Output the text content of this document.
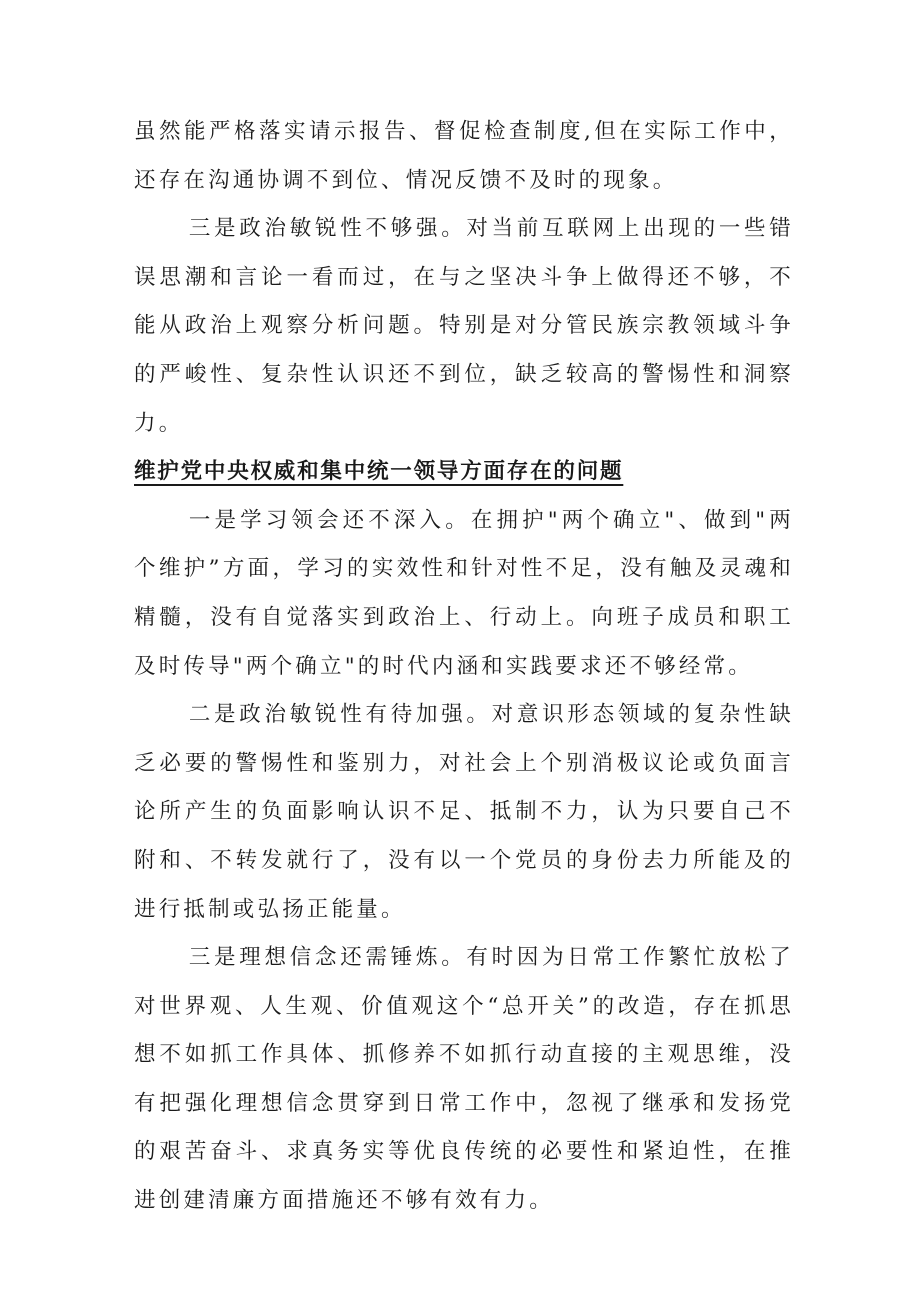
虽然能严格落实请示报告、督促检查制度,但在实际工作中，还存在沟通协调不到位、情况反馈不及时的现象。

三是政治敏锐性不够强。对当前互联网上出现的一些错误思潮和言论一看而过，在与之坚决斗争上做得还不够，不能从政治上观察分析问题。特别是对分管民族宗教领域斗争的严峻性、复杂性认识还不到位，缺乏较高的警惕性和洞察力。

维护党中央权威和集中统一领导方面存在的问题

一是学习领会还不深入。在拥护"两个确立"、做到"两个维护”方面，学习的实效性和针对性不足，没有触及灵魂和精髓，没有自觉落实到政治上、行动上。向班子成员和职工及时传导"两个确立"的时代内涵和实践要求还不够经常。

二是政治敏锐性有待加强。对意识形态领域的复杂性缺乏必要的警惕性和鉴别力，对社会上个别消极议论或负面言论所产生的负面影响认识不足、抵制不力，认为只要自己不附和、不转发就行了，没有以一个党员的身份去力所能及的进行抵制或弘扬正能量。

三是理想信念还需锤炼。有时因为日常工作繁忙放松了对世界观、人生观、价值观这个“总开关”的改造，存在抓思想不如抓工作具体、抓修养不如抓行动直接的主观思维，没有把强化理想信念贯穿到日常工作中，忽视了继承和发扬党的艰苦奋斗、求真务实等优良传统的必要性和紧迫性，在推进创建清廉方面措施还不够有效有力。
